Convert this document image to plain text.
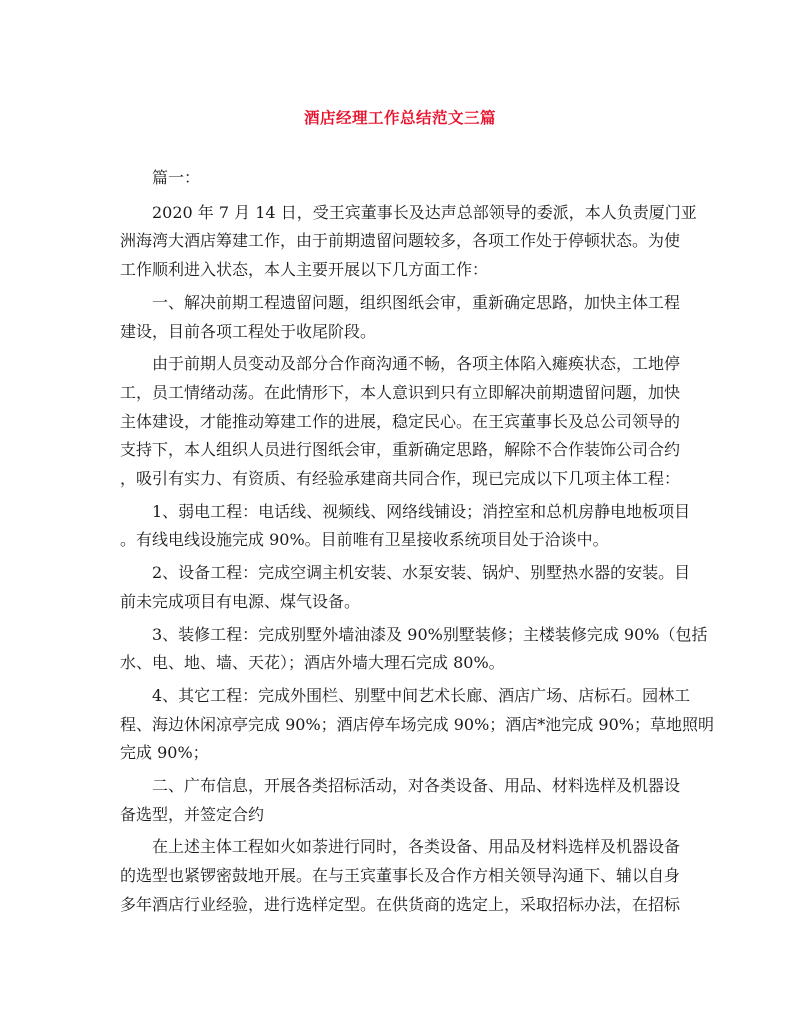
酒店经理工作总结范文三篇
篇一：
2020 年 7 月 14 日，受王宾董事长及达声总部领导的委派，本人负责厦门亚
洲海湾大酒店筹建工作，由于前期遗留问题较多，各项工作处于停顿状态。为使
工作顺利进入状态，本人主要开展以下几方面工作：
一、解决前期工程遗留问题，组织图纸会审，重新确定思路，加快主体工程
建设，目前各项工程处于收尾阶段。
由于前期人员变动及部分合作商沟通不畅，各项主体陷入瘫痪状态，工地停
工，员工情绪动荡。在此情形下，本人意识到只有立即解决前期遗留问题，加快
主体建设，才能推动筹建工作的进展，稳定民心。在王宾董事长及总公司领导的
支持下，本人组织人员进行图纸会审，重新确定思路，解除不合作装饰公司合约
，吸引有实力、有资质、有经验承建商共同合作，现已完成以下几项主体工程：
1、弱电工程：电话线、视频线、网络线铺设；消控室和总机房静电地板项目
。有线电线设施完成 90%。目前唯有卫星接收系统项目处于洽谈中。
2、设备工程：完成空调主机安装、水泵安装、锅炉、别墅热水器的安装。目
前未完成项目有电源、煤气设备。
3、装修工程：完成别墅外墙油漆及 90%别墅装修；主楼装修完成 90%（包括
水、电、地、墙、天花）；酒店外墙大理石完成 80%。
4、其它工程：完成外围栏、别墅中间艺术长廊、酒店广场、店标石。园林工
程、海边休闲凉亭完成 90%；酒店停车场完成 90%；酒店*池完成 90%；草地照明
完成 90%；
二、广布信息，开展各类招标活动，对各类设备、用品、材料选样及机器设
备选型，并签定合约
在上述主体工程如火如荼进行同时，各类设备、用品及材料选样及机器设备
的选型也紧锣密鼓地开展。在与王宾董事长及合作方相关领导沟通下、辅以自身
多年酒店行业经验，进行选样定型。在供货商的选定上，采取招标办法，在招标
